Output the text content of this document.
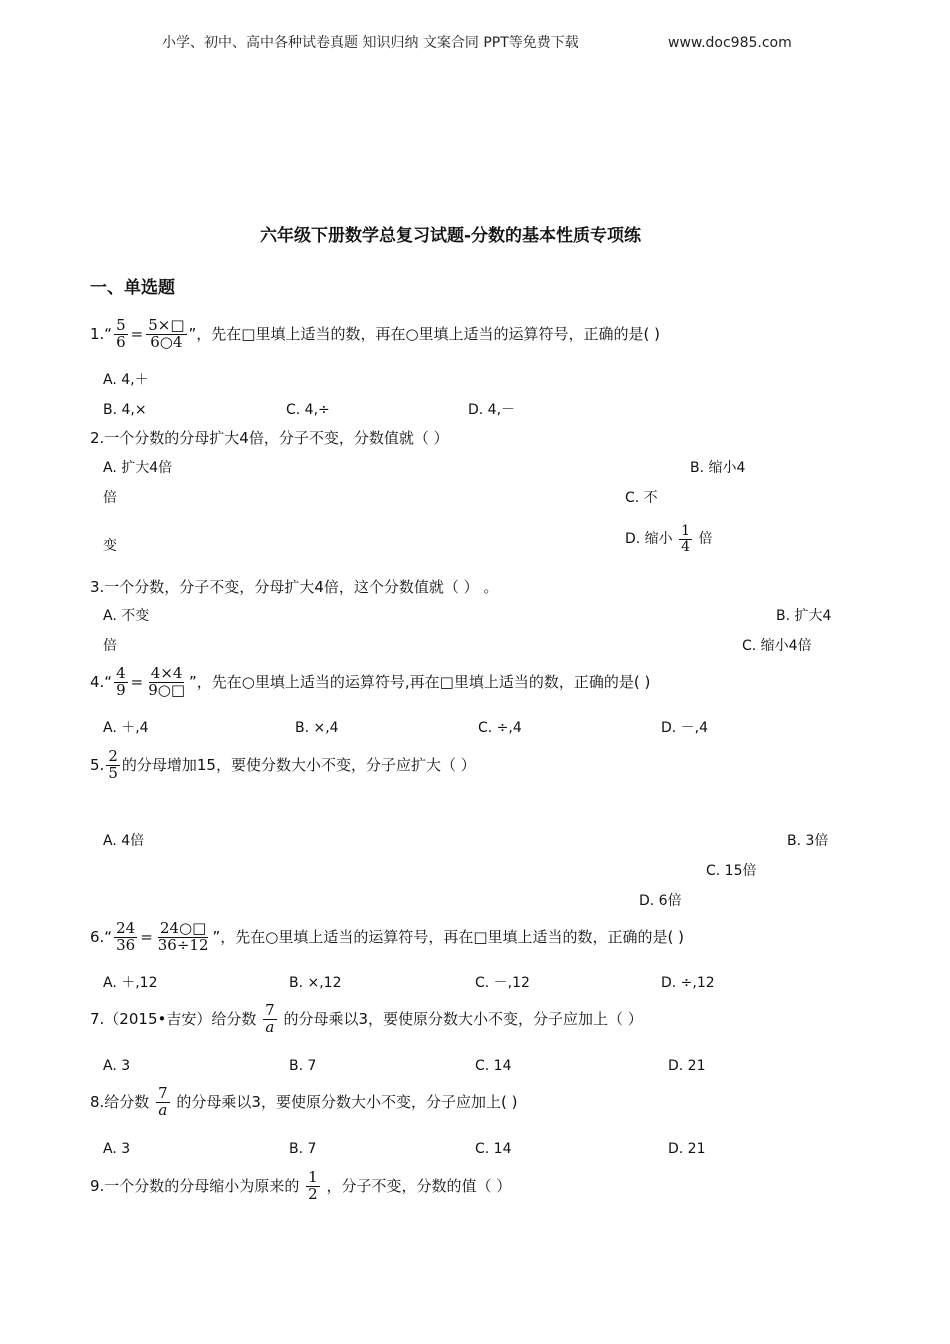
小学、初中、高中各种试卷真题 知识归纳 文案合同 PPT等免费下载	www.doc985.com
六年级下册数学总复习试题-分数的基本性质专项练
一、单选题
1.“ $\frac{5}{6} = \frac{5\times□}{6○4}$ ”，先在□里填上适当的数，再在○里填上适当的运算符号，正确的是( )
A. 4,＋
B. 4,×	C. 4,÷	D. 4,－
2.一个分数的分母扩大4倍，分子不变，分数值就（ ）
A. 扩大4倍	B. 缩小4
倍	C. 不
变	D. 缩小 $\frac{1}{4}$ 倍
3.一个分数，分子不变，分母扩大4倍，这个分数值就（ ） 。
A. 不变	B. 扩大4
倍	C. 缩小4倍
4.“ $\frac{4}{9} = \frac{4\times 4}{9○□}$ ”，先在○里填上适当的运算符号,再在□里填上适当的数，正确的是( )
A. ＋,4	B. ×,4	C. ÷,4	D. －,4
5. $\frac{2}{5}$ 的分母增加15，要使分数大小不变，分子应扩大（ ）
A. 4倍	B. 3倍
C. 15倍
D. 6倍
6.“ $\frac{24}{36} = \frac{24○□}{36\div 12}$ ”，先在○里填上适当的运算符号，再在□里填上适当的数，正确的是( )
A. ＋,12	B. ×,12	C. －,12	D. ÷,12
7.（2015•吉安）给分数 $\frac{7}{a}$ 的分母乘以3，要使原分数大小不变，分子应加上（ ）
A. 3	B. 7	C. 14	D. 21
8.给分数 $\frac{7}{a}$ 的分母乘以3，要使原分数大小不变，分子应加上( )
A. 3	B. 7	C. 14	D. 21
9.一个分数的分母缩小为原来的 $\frac{1}{2}$ ，分子不变，分数的值（ ）
